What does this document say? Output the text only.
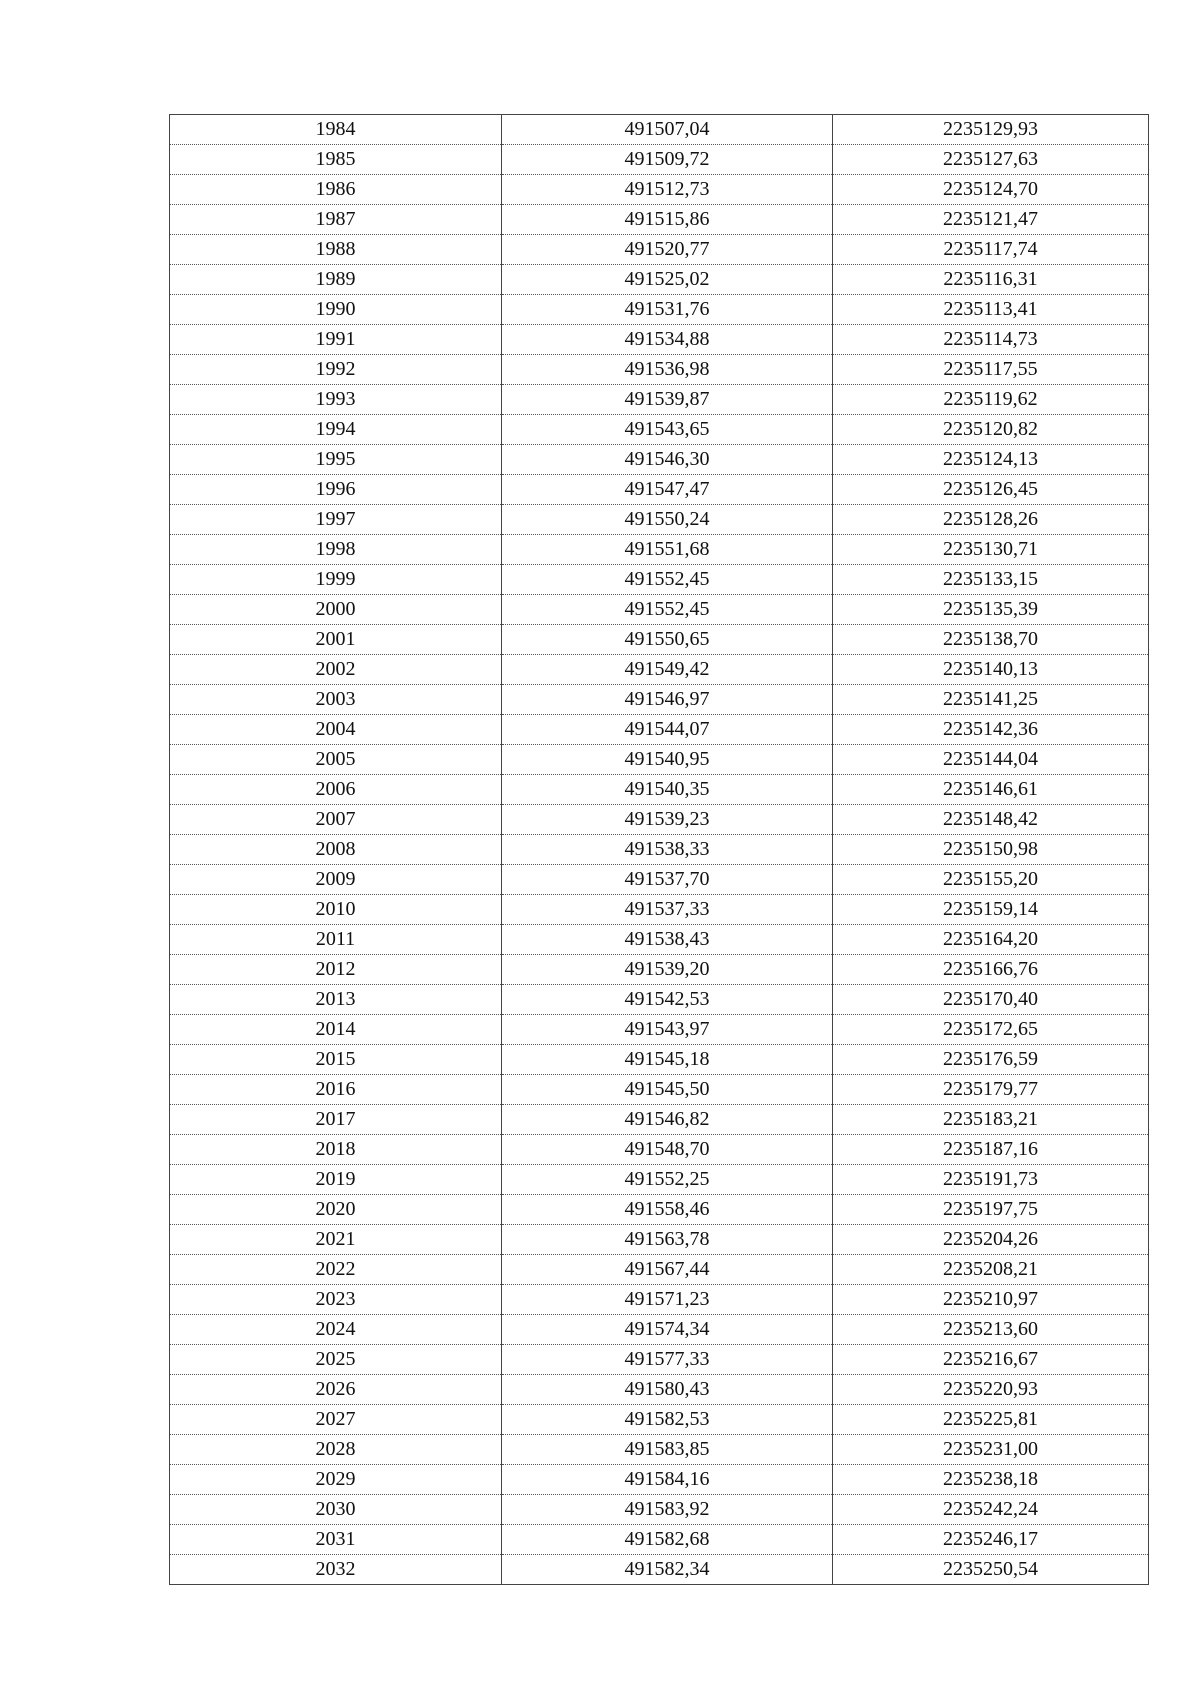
1984	491507,04	2235129,93
1985	491509,72	2235127,63
1986	491512,73	2235124,70
1987	491515,86	2235121,47
1988	491520,77	2235117,74
1989	491525,02	2235116,31
1990	491531,76	2235113,41
1991	491534,88	2235114,73
1992	491536,98	2235117,55
1993	491539,87	2235119,62
1994	491543,65	2235120,82
1995	491546,30	2235124,13
1996	491547,47	2235126,45
1997	491550,24	2235128,26
1998	491551,68	2235130,71
1999	491552,45	2235133,15
2000	491552,45	2235135,39
2001	491550,65	2235138,70
2002	491549,42	2235140,13
2003	491546,97	2235141,25
2004	491544,07	2235142,36
2005	491540,95	2235144,04
2006	491540,35	2235146,61
2007	491539,23	2235148,42
2008	491538,33	2235150,98
2009	491537,70	2235155,20
2010	491537,33	2235159,14
2011	491538,43	2235164,20
2012	491539,20	2235166,76
2013	491542,53	2235170,40
2014	491543,97	2235172,65
2015	491545,18	2235176,59
2016	491545,50	2235179,77
2017	491546,82	2235183,21
2018	491548,70	2235187,16
2019	491552,25	2235191,73
2020	491558,46	2235197,75
2021	491563,78	2235204,26
2022	491567,44	2235208,21
2023	491571,23	2235210,97
2024	491574,34	2235213,60
2025	491577,33	2235216,67
2026	491580,43	2235220,93
2027	491582,53	2235225,81
2028	491583,85	2235231,00
2029	491584,16	2235238,18
2030	491583,92	2235242,24
2031	491582,68	2235246,17
2032	491582,34	2235250,54
